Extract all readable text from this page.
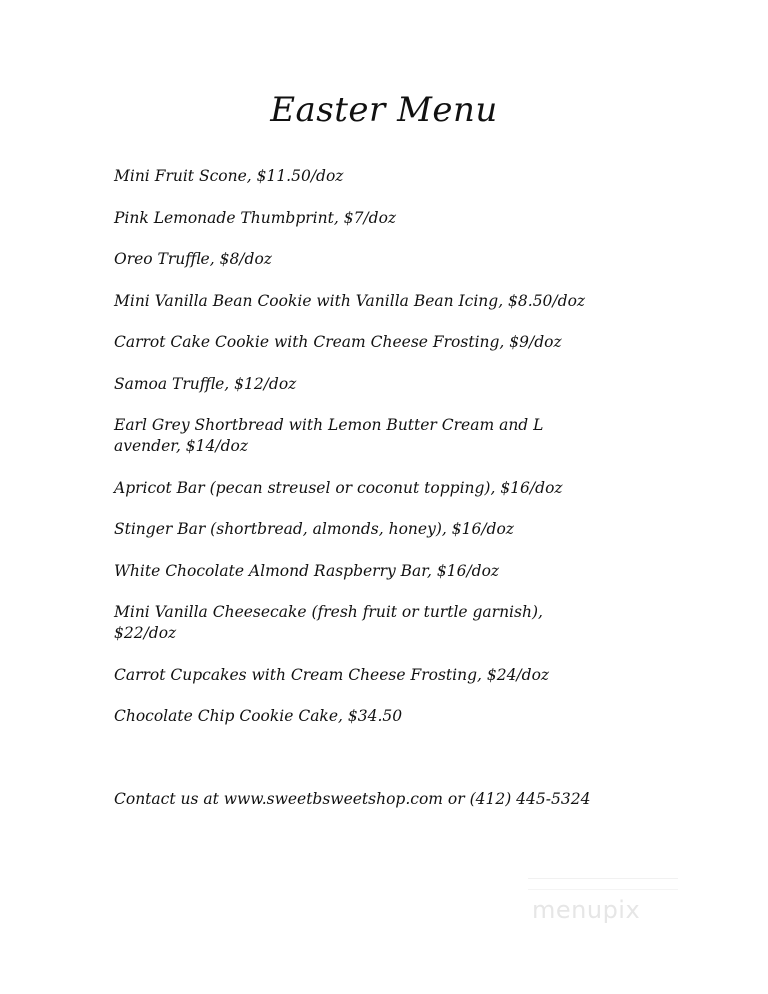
Easter Menu
Mini Fruit Scone, $11.50/doz
Pink Lemonade Thumbprint, $7/doz
Oreo Truffle, $8/doz
Mini Vanilla Bean Cookie with Vanilla Bean Icing, $8.50/doz
Carrot Cake Cookie with Cream Cheese Frosting, $9/doz
Samoa Truffle, $12/doz
Earl Grey Shortbread with Lemon Butter Cream and L
avender, $14/doz
Apricot Bar (pecan streusel or coconut topping), $16/doz
Stinger Bar (shortbread, almonds, honey), $16/doz
White Chocolate Almond Raspberry Bar, $16/doz
Mini Vanilla Cheesecake (fresh fruit or turtle garnish),
$22/doz
Carrot Cupcakes with Cream Cheese Frosting, $24/doz
Chocolate Chip Cookie Cake, $34.50
Contact us at www.sweetbsweetshop.com or (412) 445-5324
menupix
